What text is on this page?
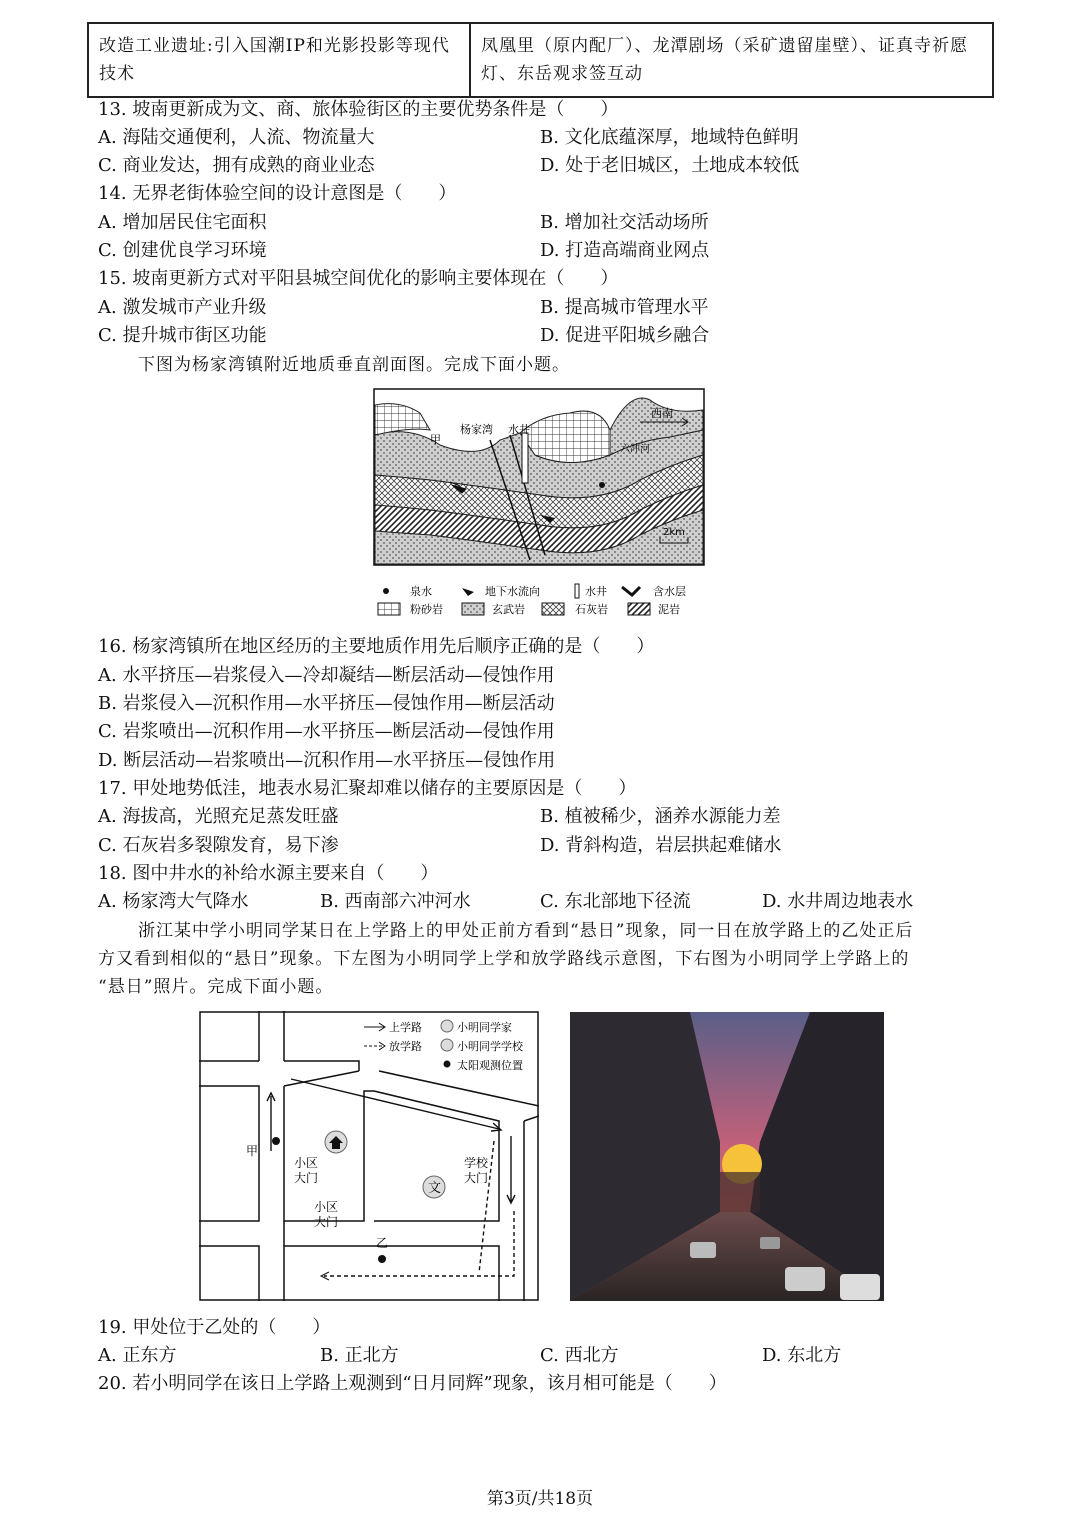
改造工业遗址:引入国潮IP和光影投影等现代技术	凤凰里（原内配厂）、龙潭剧场（采矿遗留崖壁）、证真寺祈愿灯、东岳观求签互动
13. 坡南更新成为文、商、旅体验街区的主要优势条件是（　　）
A. 海陆交通便利，人流、物流量大	B. 文化底蕴深厚，地域特色鲜明
C. 商业发达，拥有成熟的商业业态	D. 处于老旧城区，土地成本较低
14. 无界老街体验空间的设计意图是（　　）
A. 增加居民住宅面积	B. 增加社交活动场所
C. 创建优良学习环境	D. 打造高端商业网点
15. 坡南更新方式对平阳县城空间优化的影响主要体现在（　　）
A. 激发城市产业升级	B. 提高城市管理水平
C. 提升城市街区功能	D. 促进平阳城乡融合
下图为杨家湾镇附近地质垂直剖面图。完成下面小题。
西南
甲
杨家湾 水井
六冲河
2km
泉水	地下水流向	水井	含水层
粉砂岩	玄武岩	石灰岩	泥岩
16. 杨家湾镇所在地区经历的主要地质作用先后顺序正确的是（　　）
A. 水平挤压—岩浆侵入—冷却凝结—断层活动—侵蚀作用
B. 岩浆侵入—沉积作用—水平挤压—侵蚀作用—断层活动
C. 岩浆喷出—沉积作用—水平挤压—断层活动—侵蚀作用
D. 断层活动—岩浆喷出—沉积作用—水平挤压—侵蚀作用
17. 甲处地势低洼，地表水易汇聚却难以储存的主要原因是（　　）
A. 海拔高，光照充足蒸发旺盛	B. 植被稀少，涵养水源能力差
C. 石灰岩多裂隙发育，易下渗	D. 背斜构造，岩层拱起难储水
18. 图中井水的补给水源主要来自（　　）
A. 杨家湾大气降水	B. 西南部六冲河水	C. 东北部地下径流	D. 水井周边地表水
浙江某中学小明同学某日在上学路上的甲处正前方看到“悬日”现象，同一日在放学路上的乙处正后
方又看到相似的“悬日”现象。下左图为小明同学上学和放学路线示意图，下右图为小明同学上学路上的
“悬日”照片。完成下面小题。
文
甲
乙
小区
大门
小区
大门
学校
大门
上学路
放学路
小明同学家
小明同学学校
太阳观测位置
19. 甲处位于乙处的（　　）
A. 正东方	B. 正北方	C. 西北方	D. 东北方
20. 若小明同学在该日上学路上观测到“日月同辉”现象，该月相可能是（　　）
第3页/共18页
